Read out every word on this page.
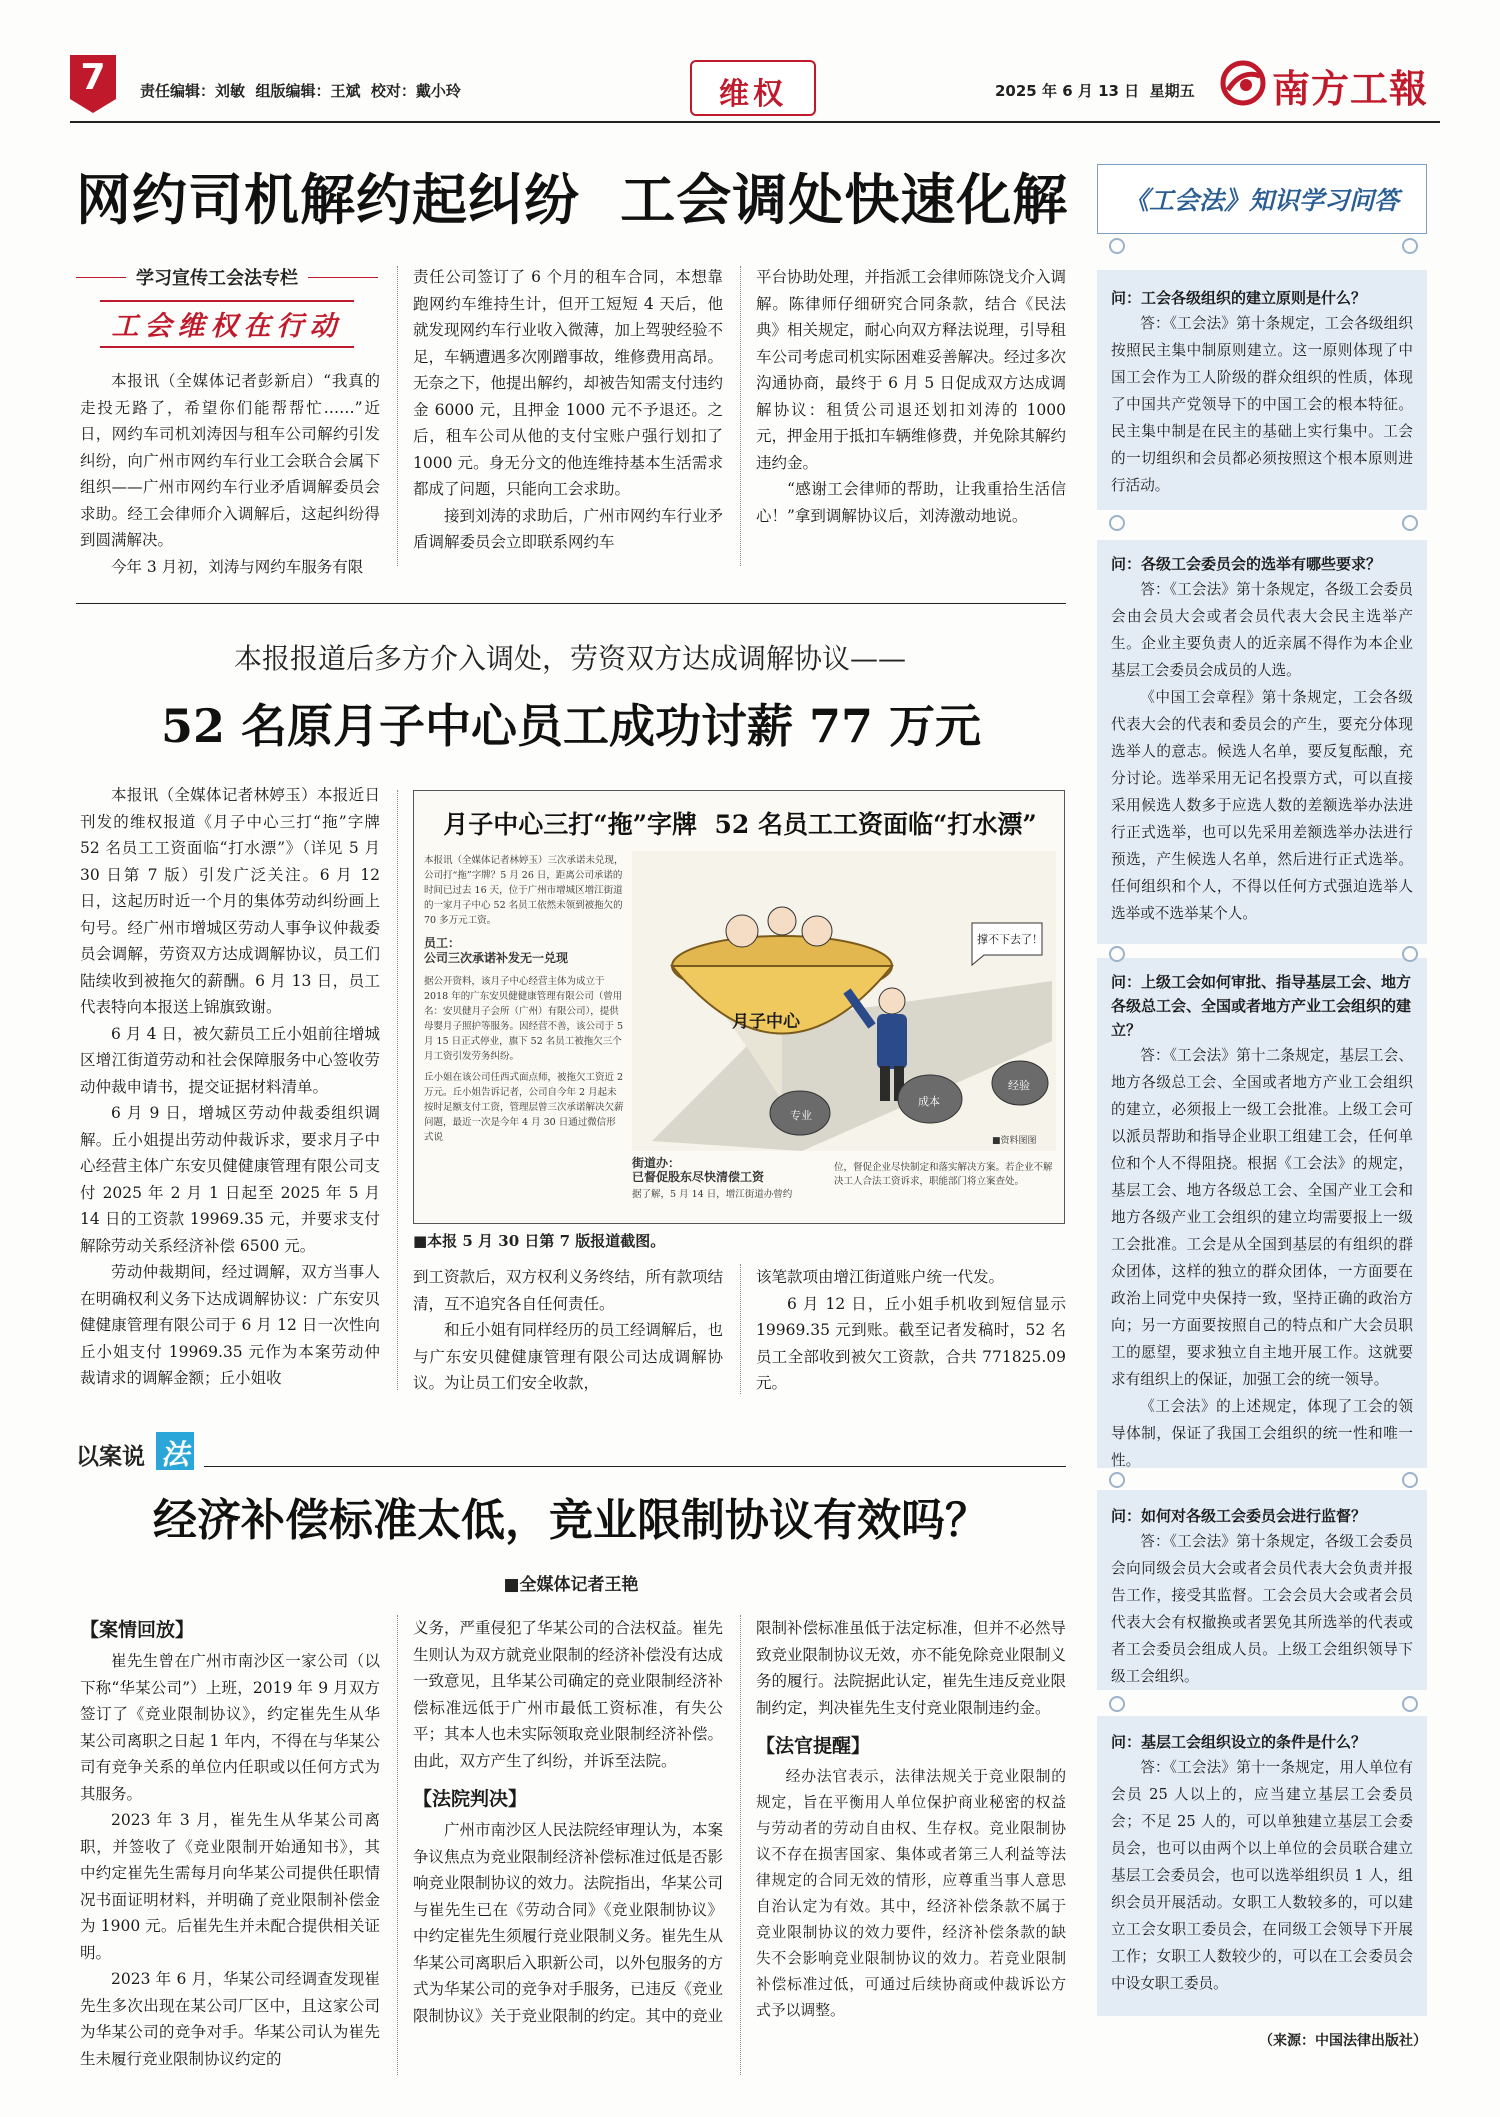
7	责任编辑：刘敏  组版编辑：王斌  校对：戴小玲	维权	2025 年 6 月 13 日  星期五 南方工報
网约司机解约起纠纷  工会调处快速化解
学习宣传工会法专栏
工会维权在行动

本报讯（全媒体记者彭新启）“我真的走投无路了，希望你们能帮帮忙……”近日，网约车司机刘涛因与租车公司解约引发纠纷，向广州市网约车行业工会联合会属下组织——广州市网约车行业矛盾调解委员会求助。经工会律师介入调解后，这起纠纷得到圆满解决。

今年 3 月初，刘涛与网约车服务有限

责任公司签订了 6 个月的租车合同，本想靠跑网约车维持生计，但开工短短 4 天后，他就发现网约车行业收入微薄，加上驾驶经验不足，车辆遭遇多次刚蹭事故，维修费用高昂。无奈之下，他提出解约，却被告知需支付违约金 6000 元，且押金 1000 元不予退还。之后，租车公司从他的支付宝账户强行划扣了 1000 元。身无分文的他连维持基本生活需求都成了问题，只能向工会求助。

接到刘涛的求助后，广州市网约车行业矛盾调解委员会立即联系网约车

平台协助处理，并指派工会律师陈饶戈介入调解。陈律师仔细研究合同条款，结合《民法典》相关规定，耐心向双方释法说理，引导租车公司考虑司机实际困难妥善解决。经过多次沟通协商，最终于 6 月 5 日促成双方达成调解协议：租赁公司退还划扣刘涛的 1000 元，押金用于抵扣车辆维修费，并免除其解约违约金。

“感谢工会律师的帮助，让我重拾生活信心！”拿到调解协议后，刘涛激动地说。

本报报道后多方介入调处，劳资双方达成调解协议——
52 名原月子中心员工成功讨薪 77 万元

本报讯（全媒体记者林婷玉）本报近日刊发的维权报道《月子中心三打“拖”字牌 52 名员工工资面临“打水漂”》（详见 5 月 30 日第 7 版）引发广泛关注。6 月 12 日，这起历时近一个月的集体劳动纠纷画上句号。经广州市增城区劳动人事争议仲裁委员会调解，劳资双方达成调解协议，员工们陆续收到被拖欠的薪酬。6 月 13 日，员工代表特向本报送上锦旗致谢。

6 月 4 日，被欠薪员工丘小姐前往增城区增江街道劳动和社会保障服务中心签收劳动仲裁申请书，提交证据材料清单。

6 月 9 日，增城区劳动仲裁委组织调解。丘小姐提出劳动仲裁诉求，要求月子中心经营主体广东安贝健健康管理有限公司支付 2025 年 2 月 1 日起至 2025 年 5 月 14 日的工资款 19969.35 元，并要求支付解除劳动关系经济补偿 6500 元。

劳动仲裁期间，经过调解，双方当事人在明确权利义务下达成调解协议：广东安贝健健康管理有限公司于 6 月 12 日一次性向丘小姐支付 19969.35 元作为本案劳动仲裁请求的调解金额；丘小姐收

月子中心三打“拖”字牌  52 名员工工资面临“打水漂”

本报讯（全媒体记者林婷玉）三次承诺未兑现，公司打“拖”字牌？5 月 26 日，距离公司承诺的时间已过去 16 天，位于广州市增城区增江街道的一家月子中心 52 名员工依然未领到被拖欠的 70 多万元工资。

员工：

公司三次承诺补发无一兑现

据公开资料，该月子中心经营主体为成立于 2018 年的广东安贝健健康管理有限公司（曾用名：安贝健月子会所（广州）有限公司），提供母婴月子照护等服务。因经营不善，该公司于 5 月 15 日正式停业，旗下 52 名员工被拖欠三个月工资引发劳务纠纷。

丘小姐在该公司任西式面点师，被拖欠工资近 2 万元。丘小姐告诉记者，公司自今年 2 月起未按时足额支付工资，管理层曾三次承诺解决欠薪问题，最近一次是今年 4 月 30 日通过微信形式说

月子中心
撑不下去了！
专业
成本
经验
■资料图图

街道办：

已督促股东尽快清偿工资

据了解，5 月 14 日，增江街道办曾约

位，督促企业尽快制定和落实解决方案。若企业不解决工人合法工资诉求，职能部门将立案查处。

■本报 5 月 30 日第 7 版报道截图。

到工资款后，双方权利义务终结，所有款项结清，互不追究各自任何责任。

和丘小姐有同样经历的员工经调解后，也与广东安贝健健康管理有限公司达成调解协议。为让员工们安全收款，

该笔款项由增江街道账户统一代发。

6 月 12 日，丘小姐手机收到短信显示 19969.35 元到账。截至记者发稿时，52 名员工全部收到被欠工资款，合共 771825.09 元。

以案说 法
经济补偿标准太低，竞业限制协议有效吗？
■全媒体记者王艳
【案情回放】

崔先生曾在广州市南沙区一家公司（以下称“华某公司”）上班，2019 年 9 月双方签订了《竞业限制协议》，约定崔先生从华某公司离职之日起 1 年内，不得在与华某公司有竞争关系的单位内任职或以任何方式为其服务。

2023 年 3 月，崔先生从华某公司离职，并签收了《竞业限制开始通知书》，其中约定崔先生需每月向华某公司提供任职情况书面证明材料，并明确了竞业限制补偿金为 1900 元。后崔先生并未配合提供相关证明。

2023 年 6 月，华某公司经调查发现崔先生多次出现在某公司厂区中，且这家公司为华某公司的竞争对手。华某公司认为崔先生未履行竞业限制协议约定的

义务，严重侵犯了华某公司的合法权益。崔先生则认为双方就竞业限制的经济补偿没有达成一致意见，且华某公司确定的竞业限制经济补偿标准远低于广州市最低工资标准，有失公平；其本人也未实际领取竞业限制经济补偿。由此，双方产生了纠纷，并诉至法院。

【法院判决】

广州市南沙区人民法院经审理认为，本案争议焦点为竞业限制经济补偿标准过低是否影响竞业限制协议的效力。法院指出，华某公司与崔先生已在《劳动合同》《竞业限制协议》中约定崔先生须履行竞业限制义务。崔先生从华某公司离职后入职新公司，以外包服务的方式为华某公司的竞争对手服务，已违反《竞业限制协议》关于竞业限制的约定。其中的竞业

限制补偿标准虽低于法定标准，但并不必然导致竞业限制协议无效，亦不能免除竞业限制义务的履行。法院据此认定，崔先生违反竞业限制约定，判决崔先生支付竞业限制违约金。

【法官提醒】

经办法官表示，法律法规关于竞业限制的规定，旨在平衡用人单位保护商业秘密的权益与劳动者的劳动自由权、生存权。竞业限制协议不存在损害国家、集体或者第三人利益等法律规定的合同无效的情形，应尊重当事人意思自治认定为有效。其中，经济补偿条款不属于竞业限制协议的效力要件，经济补偿条款的缺失不会影响竞业限制协议的效力。若竞业限制补偿标准过低，可通过后续协商或仲裁诉讼方式予以调整。

《工会法》知识学习问答
问：工会各级组织的建立原则是什么？

答：《工会法》第十条规定，工会各级组织按照民主集中制原则建立。这一原则体现了中国工会作为工人阶级的群众组织的性质，体现了中国共产党领导下的中国工会的根本特征。民主集中制是在民主的基础上实行集中。工会的一切组织和会员都必须按照这个根本原则进行活动。

问：各级工会委员会的选举有哪些要求？

答：《工会法》第十条规定，各级工会委员会由会员大会或者会员代表大会民主选举产生。企业主要负责人的近亲属不得作为本企业基层工会委员会成员的人选。

《中国工会章程》第十条规定，工会各级代表大会的代表和委员会的产生，要充分体现选举人的意志。候选人名单，要反复酝酿，充分讨论。选举采用无记名投票方式，可以直接采用候选人数多于应选人数的差额选举办法进行正式选举，也可以先采用差额选举办法进行预选，产生候选人名单，然后进行正式选举。任何组织和个人，不得以任何方式强迫选举人选举或不选举某个人。

问：上级工会如何审批、指导基层工会、地方各级总工会、全国或者地方产业工会组织的建立？

答：《工会法》第十二条规定，基层工会、地方各级总工会、全国或者地方产业工会组织的建立，必须报上一级工会批准。上级工会可以派员帮助和指导企业职工组建工会，任何单位和个人不得阻挠。根据《工会法》的规定，基层工会、地方各级总工会、全国产业工会和地方各级产业工会组织的建立均需要报上一级工会批准。工会是从全国到基层的有组织的群众团体，这样的独立的群众团体，一方面要在政治上同党中央保持一致，坚持正确的政治方向；另一方面要按照自己的特点和广大会员职工的愿望，要求独立自主地开展工作。这就要求有组织上的保证，加强工会的统一领导。

《工会法》的上述规定，体现了工会的领导体制，保证了我国工会组织的统一性和唯一性。

问：如何对各级工会委员会进行监督？

答：《工会法》第十条规定，各级工会委员会向同级会员大会或者会员代表大会负责并报告工作，接受其监督。工会会员大会或者会员代表大会有权撤换或者罢免其所选举的代表或者工会委员会组成人员。上级工会组织领导下级工会组织。

问：基层工会组织设立的条件是什么？

答：《工会法》第十一条规定，用人单位有会员 25 人以上的，应当建立基层工会委员会；不足 25 人的，可以单独建立基层工会委员会，也可以由两个以上单位的会员联合建立基层工会委员会，也可以选举组织员 1 人，组织会员开展活动。女职工人数较多的，可以建立工会女职工委员会，在同级工会领导下开展工作；女职工人数较少的，可以在工会委员会中设女职工委员。

（来源：中国法律出版社）
